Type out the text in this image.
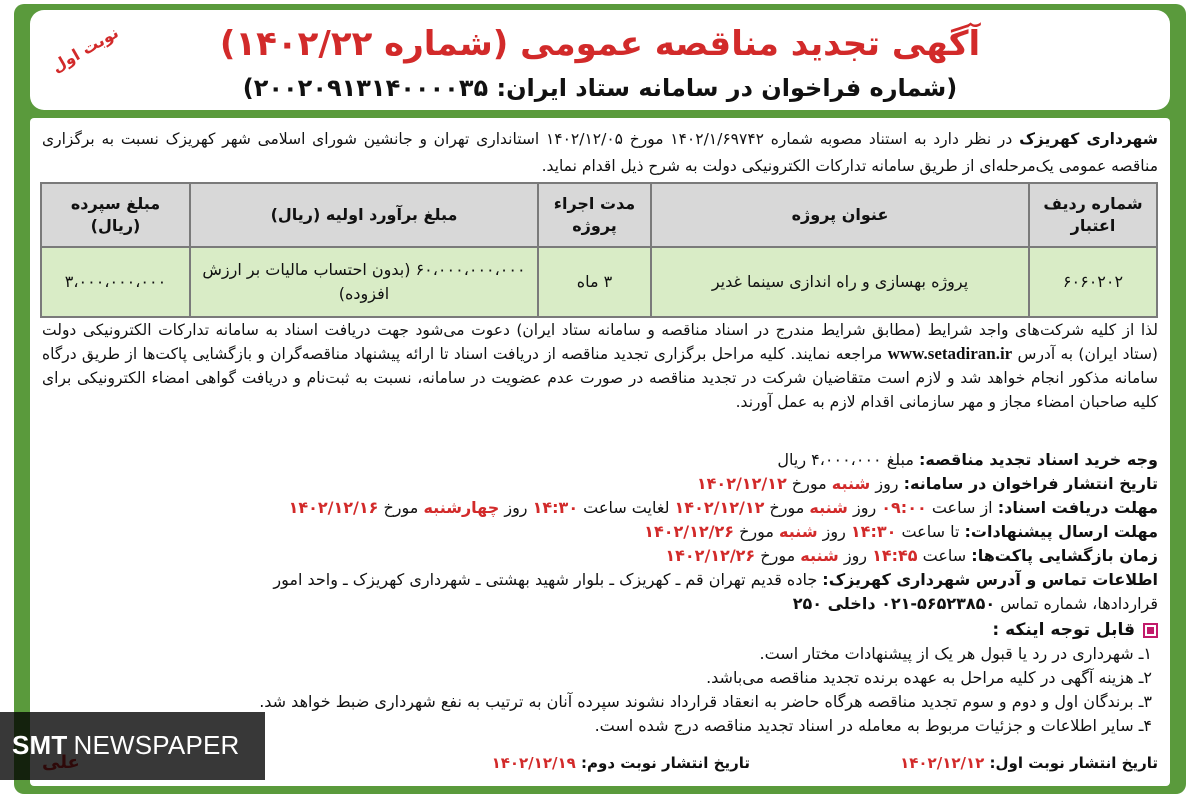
نوبت اول	آگهی تجدید مناقصه عمومی (شماره ۱۴۰۲/۲۲)
(شماره فراخوان در سامانه ستاد ایران: ۲۰۰۲۰۹۱۳۱۴۰۰۰۰۳۵)
شهرداری کهریزک در نظر دارد به استناد مصوبه شماره ۱۴۰۲/۱/۶۹۷۴۲ مورخ ۱۴۰۲/۱۲/۰۵ استانداری تهران و جانشین شورای اسلامی شهر کهریزک نسبت به برگزاری مناقصه عمومی یک‌مرحله‌ای از طریق سامانه تدارکات الکترونیکی دولت به شرح ذیل اقدام نماید.
شماره ردیف اعتبار	عنوان پروژه	مدت اجراء پروژه	مبلغ برآورد اولیه (ریال)	مبلغ سپرده (ریال)
۶۰۶۰۲۰۲	پروژه بهسازی و راه اندازی سینما غدیر	۳ ماه	۶۰،۰۰۰،۰۰۰،۰۰۰ (بدون احتساب مالیات بر ارزش افزوده)	۳،۰۰۰،۰۰۰،۰۰۰
لذا از کلیه شرکت‌های واجد شرایط (مطابق شرایط مندرج در اسناد مناقصه و سامانه ستاد ایران) دعوت می‌شود جهت دریافت اسناد به سامانه تدارکات الکترونیکی دولت (ستاد ایران) به آدرس www.setadiran.ir مراجعه نمایند. کلیه مراحل برگزاری تجدید مناقصه از دریافت اسناد تا ارائه پیشنهاد مناقصه‌گران و بازگشایی پاکت‌ها از طریق درگاه سامانه مذکور انجام خواهد شد و لازم است متقاضیان شرکت در تجدید مناقصه در صورت عدم عضویت در سامانه، نسبت به ثبت‌نام و دریافت گواهی امضاء الکترونیکی برای کلیه صاحبان امضاء مجاز و مهر سازمانی اقدام لازم به عمل آورند.
وجه خرید اسناد تجدید مناقصه: مبلغ ۴،۰۰۰،۰۰۰ ریال
تاریخ انتشار فراخوان در سامانه: روز شنبه مورخ ۱۴۰۲/۱۲/۱۲
مهلت دریافت اسناد: از ساعت ۰۹:۰۰ روز شنبه مورخ ۱۴۰۲/۱۲/۱۲ لغایت ساعت ۱۴:۳۰ روز چهارشنبه مورخ ۱۴۰۲/۱۲/۱۶
مهلت ارسال پیشنهادات: تا ساعت ۱۴:۳۰ روز شنبه مورخ ۱۴۰۲/۱۲/۲۶
زمان بازگشایی پاکت‌ها: ساعت ۱۴:۴۵ روز شنبه مورخ ۱۴۰۲/۱۲/۲۶
اطلاعات تماس و آدرس شهرداری کهریزک: جاده قدیم تهران قم ـ کهریزک ـ بلوار شهید بهشتی ـ شهرداری کهریزک ـ واحد امور
قراردادها، شماره تماس ۵۶۵۲۳۸۵۰-۰۲۱ داخلی ۲۵۰
قابل توجه اینکه :
۱ـ شهرداری در رد یا قبول هر یک از پیشنهادات مختار است.
۲ـ هزینه آگهی در کلیه مراحل به عهده برنده تجدید مناقصه می‌باشد.
۳ـ برندگان اول و دوم و سوم تجدید مناقصه هرگاه حاضر به انعقاد قرارداد نشوند سپرده آنان به ترتیب به نفع شهرداری ضبط خواهد شد.
۴ـ سایر اطلاعات و جزئیات مربوط به معامله در اسناد تجدید مناقصه درج شده است.
تاریخ انتشار نوبت اول: ۱۴۰۲/۱۲/۱۲
تاریخ انتشار نوبت دوم: ۱۴۰۲/۱۲/۱۹
SMT NEWSPAPER
